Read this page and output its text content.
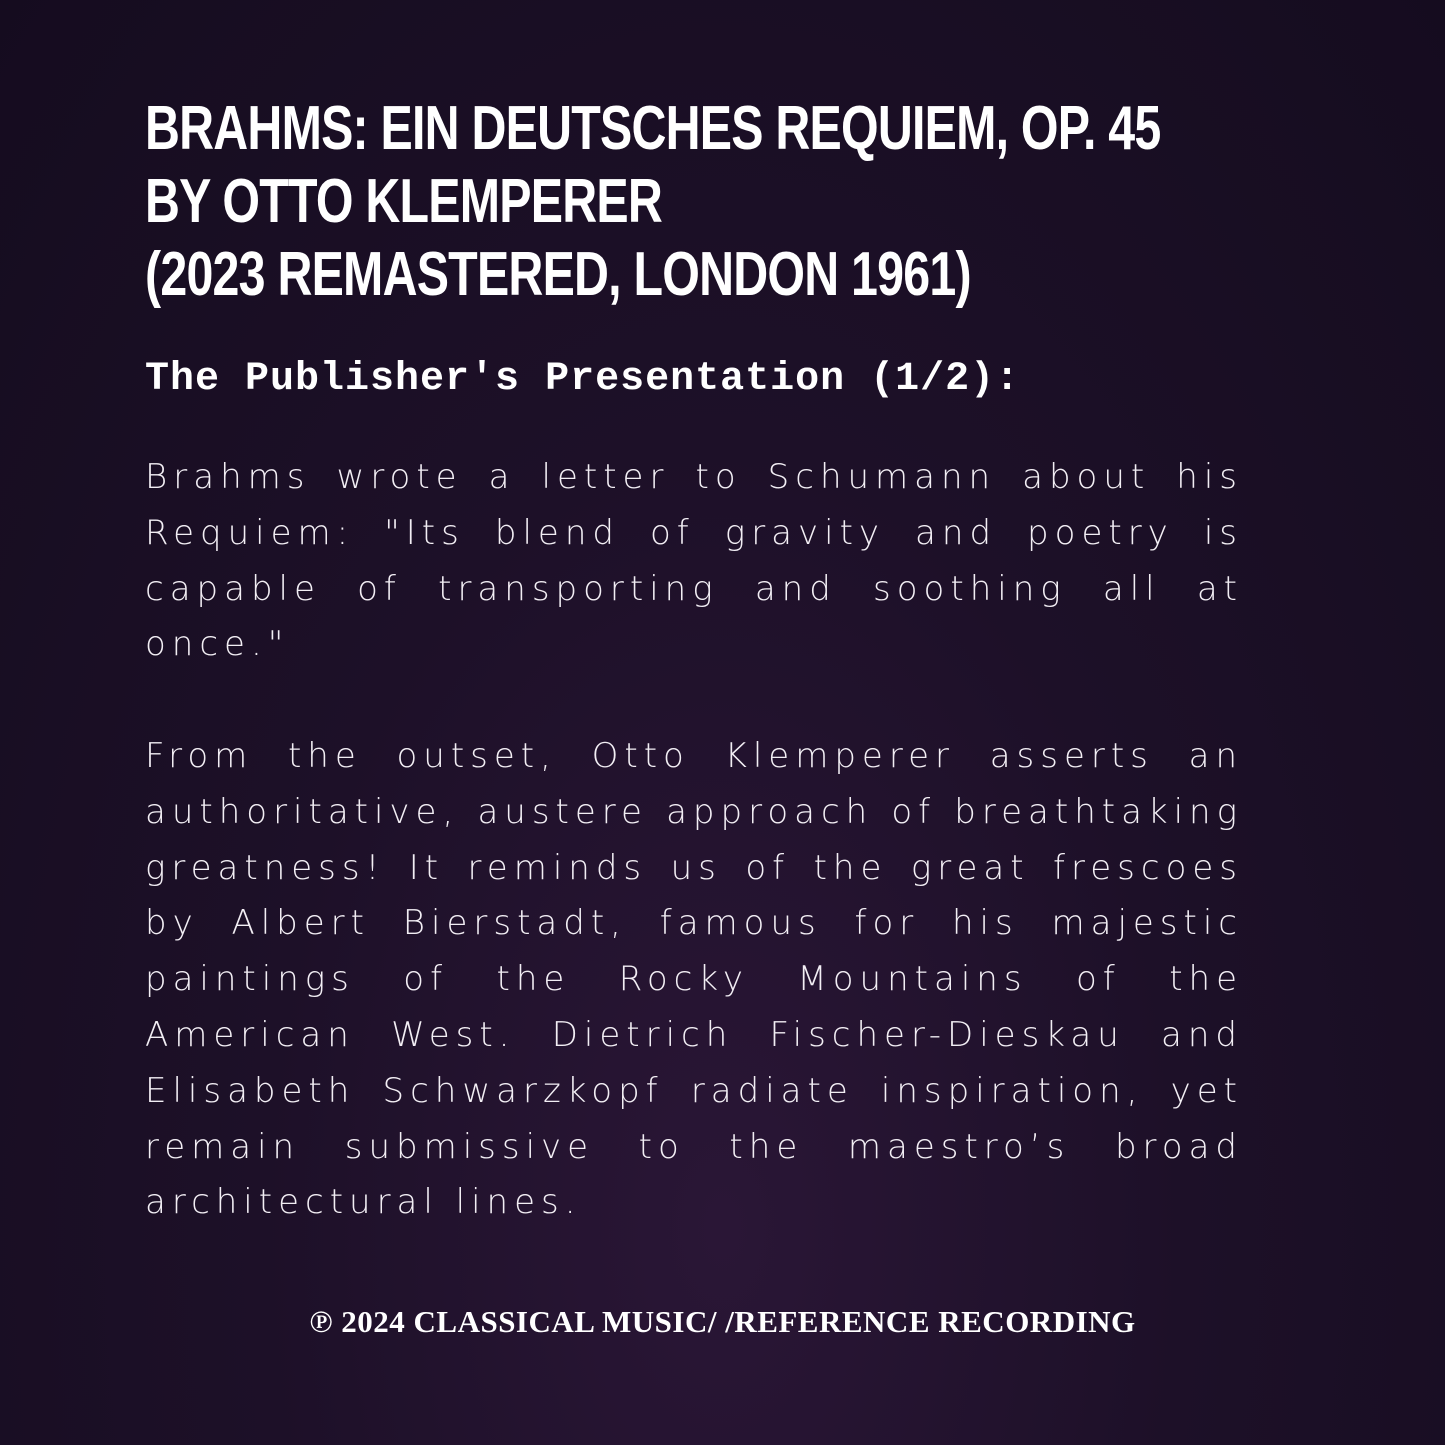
BRAHMS: EIN DEUTSCHES REQUIEM, OP. 45
BY OTTO KLEMPERER
(2023 REMASTERED, LONDON 1961)
The Publisher's Presentation (1/2):

Brahms wrote a letter to Schumann about his Requiem: "Its blend of gravity and poetry is capable of transporting and soothing all at once."

From the outset, Otto Klemperer asserts an authoritative, austere approach of breathtaking greatness! It reminds us of the great frescoes by Albert Bierstadt, famous for his majestic paintings of the Rocky Mountains of the American West. Dietrich Fischer-Dieskau and Elisabeth Schwarzkopf radiate inspiration, yet remain submissive to the maestro’s broad architectural lines.

℗ 2024 CLASSICAL MUSIC/ /REFERENCE RECORDING
